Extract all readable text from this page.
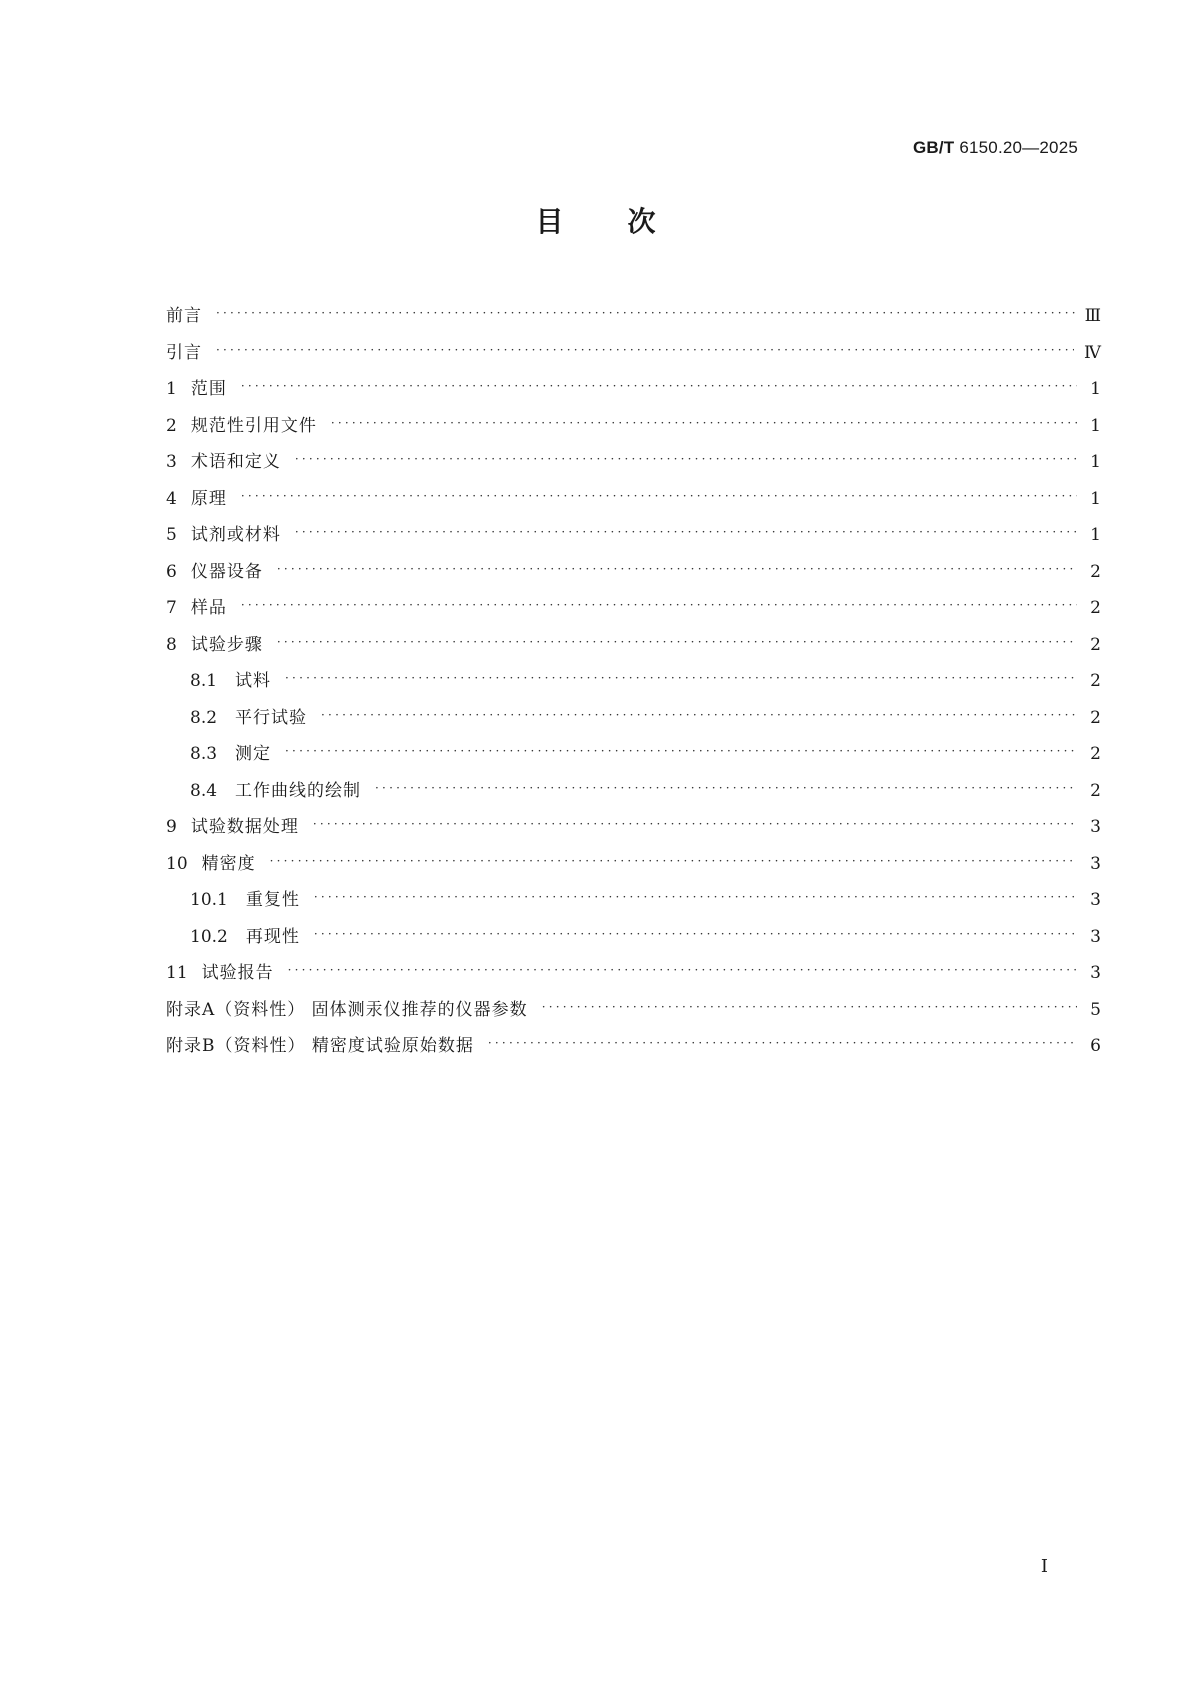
GB/T 6150.20—2025
目 次
前言 ·····	Ⅲ
引言 ·····	Ⅳ
1 范围 ·····	1
2 规范性引用文件 ·····	1
3 术语和定义 ·····	1
4 原理 ·····	1
5 试剂或材料 ·····	1
6 仪器设备 ·····	2
7 样品 ·····	2
8 试验步骤 ·····	2
8.1 试料 ·····	2
8.2 平行试验 ·····	2
8.3 测定 ·····	2
8.4 工作曲线的绘制 ·····	2
9 试验数据处理 ·····	3
10 精密度 ·····	3
10.1 重复性 ·····	3
10.2 再现性 ·····	3
11 试验报告 ·····	3
附录A（资料性） 固体测汞仪推荐的仪器参数 ·····	5
附录B（资料性） 精密度试验原始数据 ·····	6
Ⅰ
